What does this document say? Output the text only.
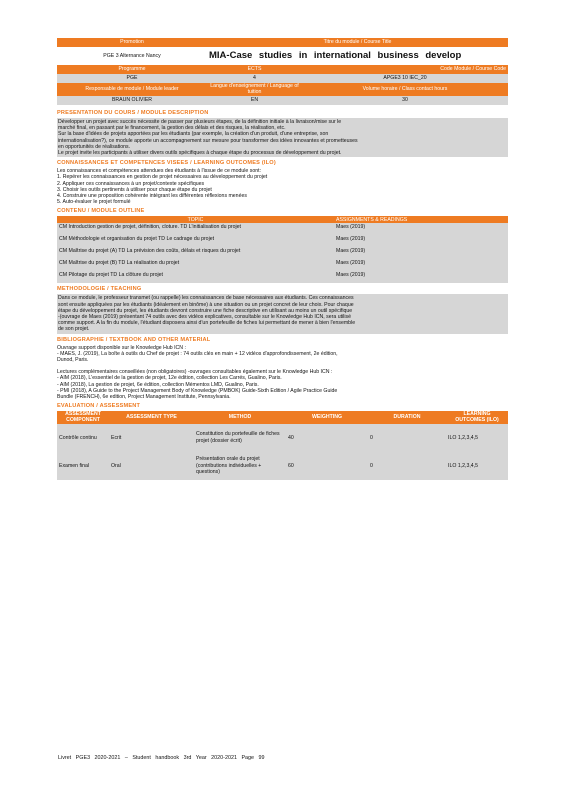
Promotion	Titre du module / Course Title	
PGE 3 Alternance Nancy	MIA-Case studies in international business develop	
Programme	ECTS	Code Module / Course Code
PGE	4	APGE3 10 IEC_20
Responsable de module / Module leader	Langue d'enseignement / Language of tuition	Volume horaire / Class contact hours
BRAUN OLIVIER	EN	30
PRESENTATION DU COURS / MODULE DESCRIPTION

Développer un projet avec succès nécessite de passer par plusieurs étapes, de la définition initiale à la livraison/mise sur le

marché final, en passant par le financement, la gestion des délais et des risques, la réalisation, etc.

Sur la base d'idées de projets apportées par les étudiants (par exemple, la création d'un produit, d'une entreprise, son

internationalisation?), ce module apporte un accompagnement sur mesure pour transformer des idées innovantes et prometteuses

en opportunités de réalisations.

Le projet invite les participants à utiliser divers outils spécifiques à chaque étape du processus de développement du projet.

CONNAISSANCES ET COMPETENCES VISEES / LEARNING OUTCOMES (ILO)

Les connaissances et compétences attendues des étudiants à l'issue de ce module sont:

1. Repérer les connaissances en gestion de projet nécessaires au développement du projet

2. Appliquer ces connaissances à un projet/contexte spécifiques

3. Choisir les outils pertinents à utiliser pour chaque étape du projet

4. Construire une proposition cohérente intégrant les différentes réflexions menées

5. Auto-évaluer le projet formulé

CONTENU / MODULE OUTLINE
TOPIC	ASSIGNMENTS & READINGS
CM Introduction gestion de projet, définition, cloture. TD L'initialisation du projet	Maes (2019)
CM Méthodologie et organisation du projet TD Le cadrage du projet	Maes (2019)
CM Maîtrise du projet (A) TD La prévision des coûts, délais et risques du projet	Maes (2019)
CM Maîtrise du projet (B) TD La réalisation du projet	Maes (2019)
CM Pilotage du projet TD La clôture du projet	Maes (2019)
METHODOLOGIE / TEACHING

Dans ce module, le professeur transmet (ou rappelle) les connaissances de base nécessaires aux étudiants. Ces connaissances

sont ensuite appliquées par les étudiants (idéalement en binôme) à une situation ou un projet concret de leur choix. Pour chaque

étape du développement du projet, les étudiants devront construire une fiche descriptive en utilisant au moins un outil spécifique

-(ouvrage de Maes (2019) présentant 74 outils avec des vidéos explicatives, consultable sur le Knowledge Hub ICN, sera utilisé

comme support. A la fin du module, l'étudiant disposera ainsi d'un portefeuille de fiches lui permettant de mener à bien l'ensemble

de son projet.

BIBLIOGRAPHIE / TEXTBOOK AND OTHER MATERIAL

Ouvrage support disponible sur le Knowledge Hub ICN :

- MAES, J. (2019), La boîte à outils du Chef de projet : 74 outils clés en main + 12 vidéos d'approfondissement, 2e édition,

Dunod, Paris.

Lectures complémentaires conseillées (non obligatoires) -ouvrages consultables également sur le Knowledge Hub ICN :

- AIM (2018), L'essentiel de la gestion de projet, 12e édition, collection Les Carrés, Gualino, Paris.

- AIM (2018), La gestion de projet, 6e édition, collection Mémentos LMD, Gualino, Paris.

- PMI (2018), A Guide to the Project Management Body of Knowledge (PMBOK) Guide-Sixth Edition / Agile Practice Guide

Bundle (FRENCH), 6e edition, Project Management Institute, Pennsylvania.

EVALUATION / ASSESSMENT
ASSESSMENT COMPONENT	ASSESSMENT TYPE	METHOD	WEIGHTING	DURATION	LEARNING OUTCOMES (ILO)
Contrôle continu	Ecrit	Constitution du portefeuille de fiches projet (dossier écrit)	40	0	ILO 1,2,3,4,5
Examen final	Oral	Présentation orale du projet (contributions individuelles + questions)	60	0	ILO 1,2,3,4,5
Livret PGE3 2020-2021 – Student handbook 3rd Year 2020-2021 Page 99
